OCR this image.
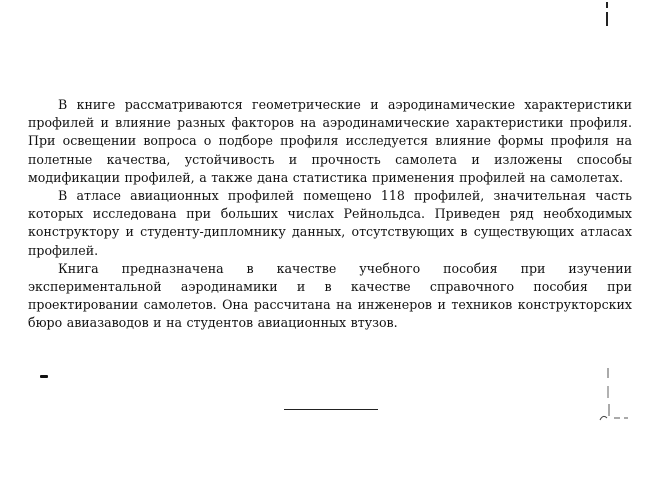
В книге рассматриваются геометрические и аэродинамические характеристики профилей и влияние разных факторов на аэродинамические характеристики профиля. При освещении вопроса о подборе профиля исследуется влияние формы профиля на полетные качества, устойчивость и прочность самолета и изложены способы модификации профилей, а также дана статистика применения профилей на самолетах.

В атласе авиационных профилей помещено 118 профилей, значительная часть которых исследована при больших числах Рейнольдса. Приведен ряд необходимых конструктору и студенту-дипломнику данных, отсутствующих в существующих атласах профилей.

Книга предназначена в качестве учебного пособия при изучении экспериментальной аэродинамики и в качестве справочного пособия при проектировании самолетов. Она рассчитана на инженеров и техников конструкторских бюро авиазаводов и на студентов авиационных втузов.
